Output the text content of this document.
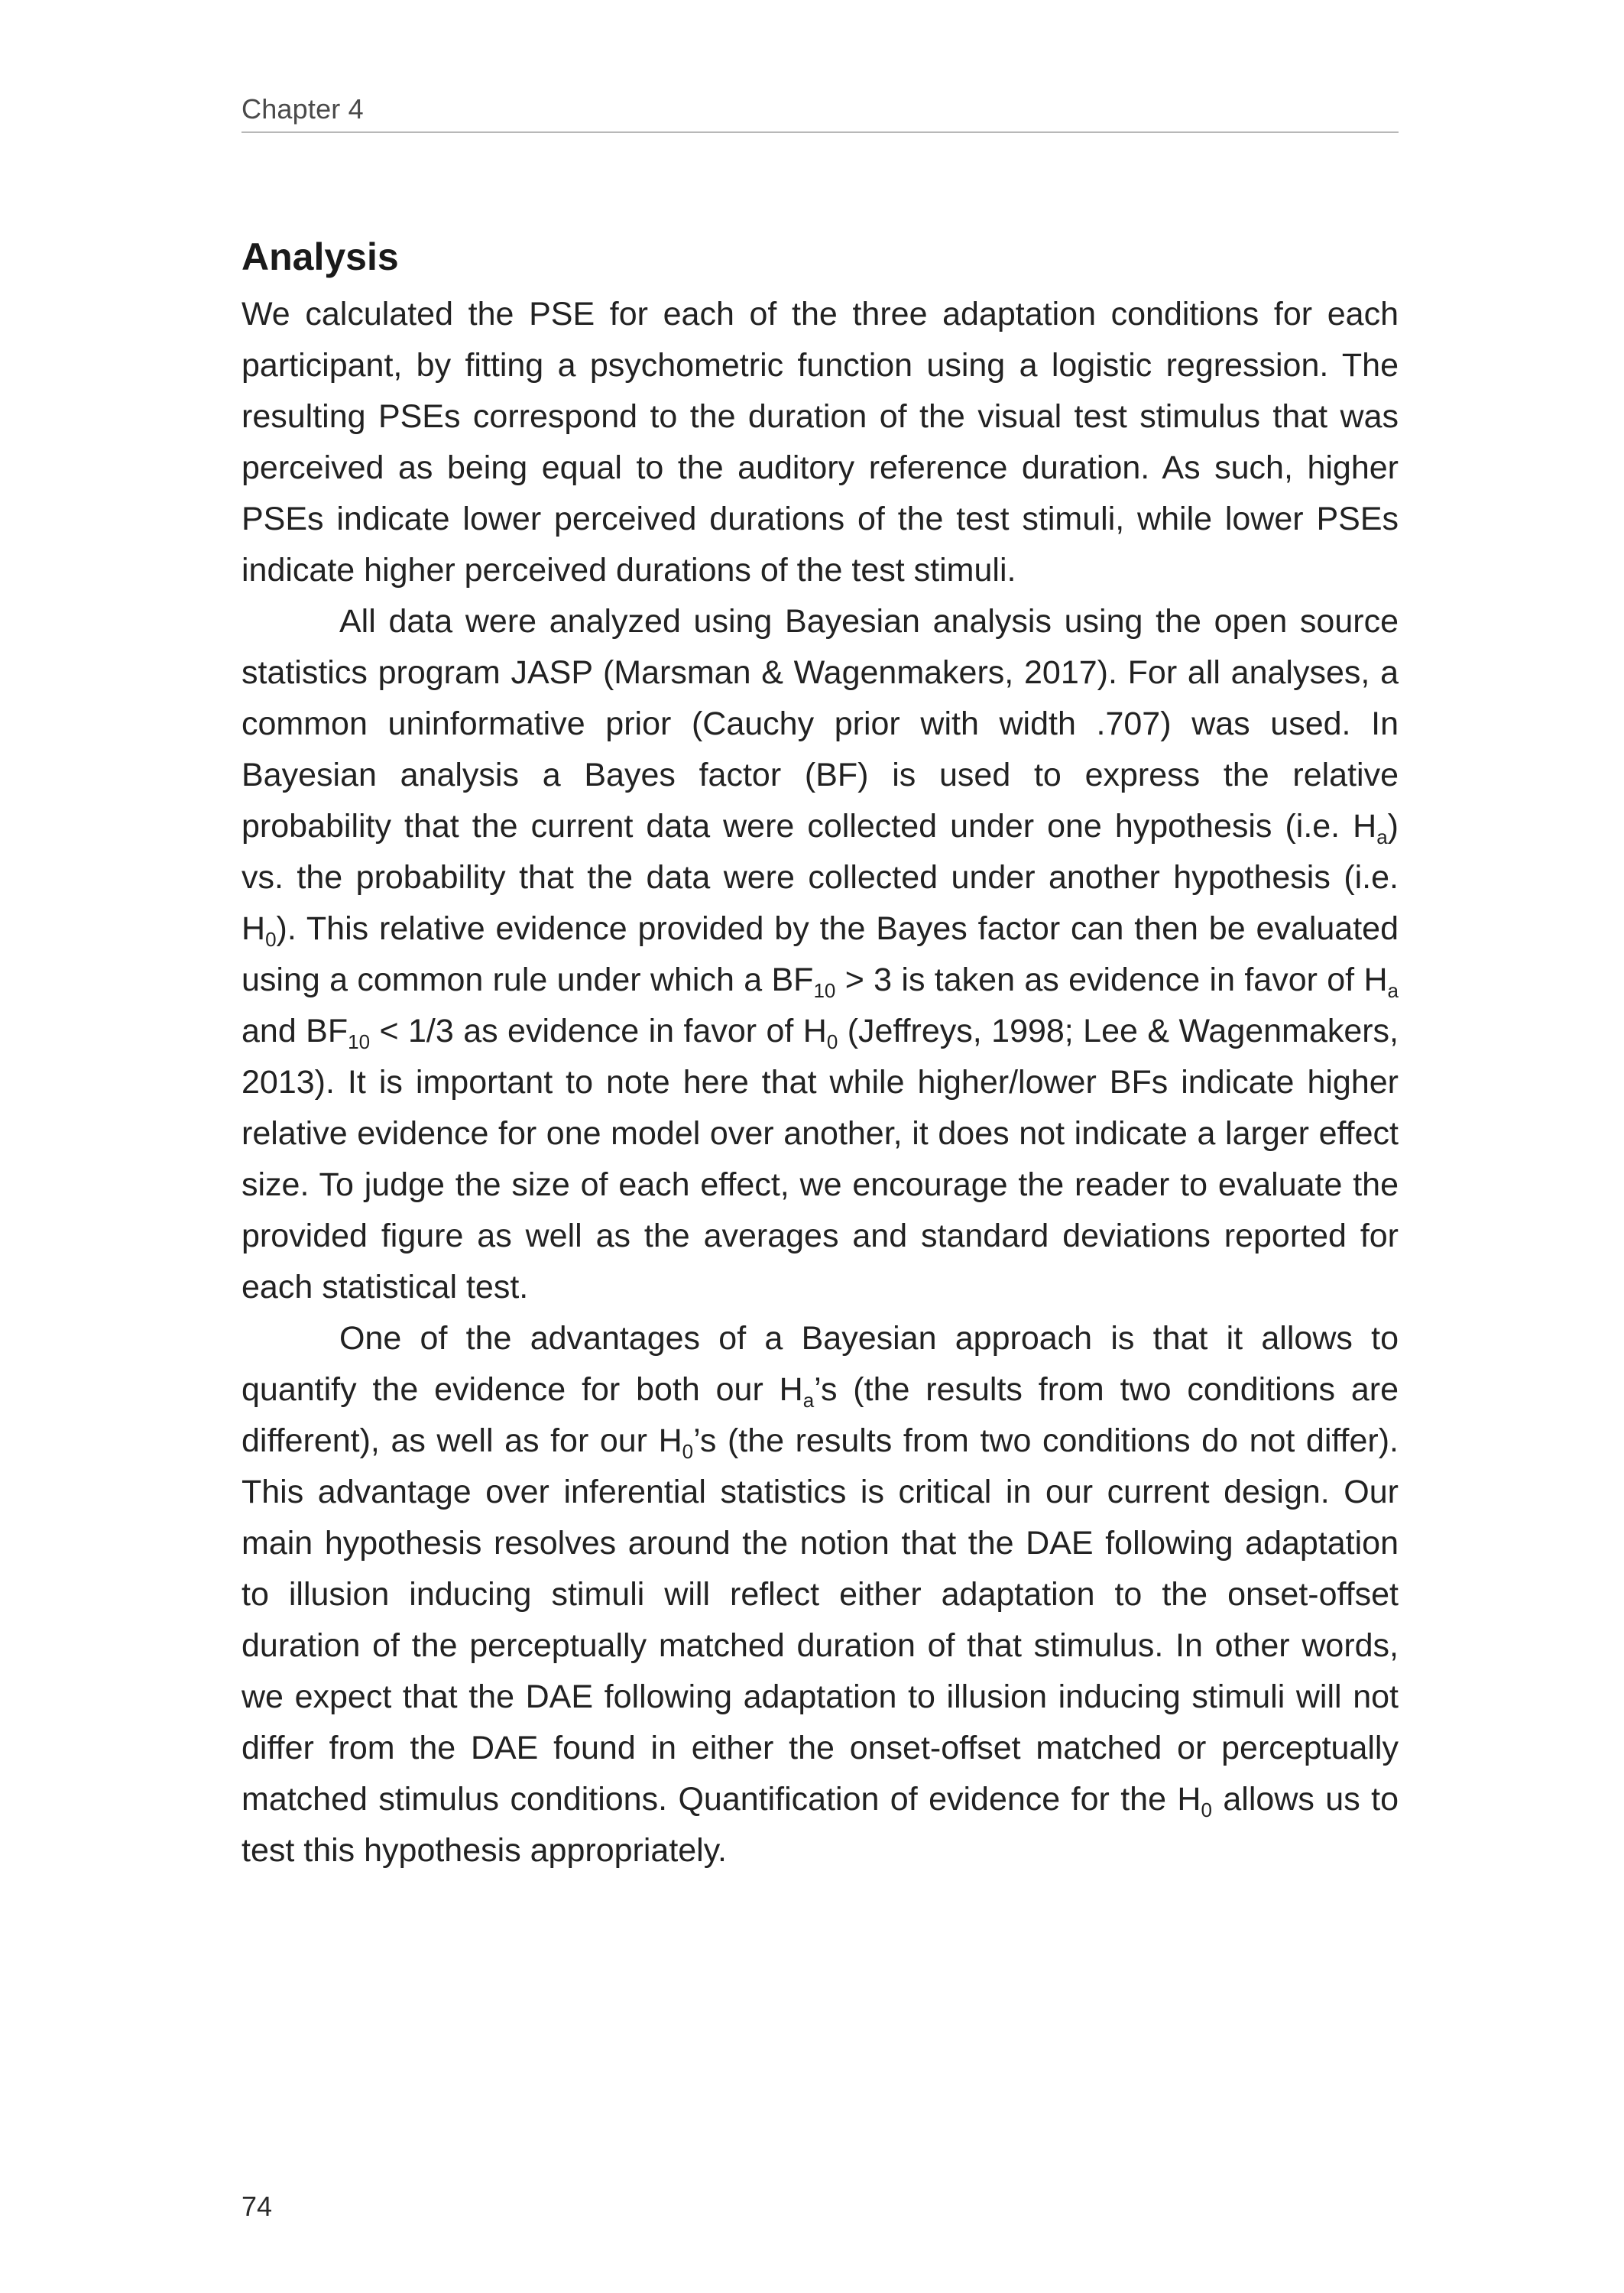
Chapter 4
Analysis

We calculated the PSE for each of the three adaptation conditions for each participant, by fitting a psychometric function using a logistic regression. The resulting PSEs correspond to the duration of the visual test stimulus that was perceived as being equal to the auditory reference duration. As such, higher PSEs indicate lower perceived durations of the test stimuli, while lower PSEs indicate higher perceived durations of the test stimuli.

All data were analyzed using Bayesian analysis using the open source statistics program JASP (Marsman & Wagenmakers, 2017). For all analyses, a common uninformative prior (Cauchy prior with width .707) was used. In Bayesian analysis a Bayes factor (BF) is used to express the relative probability that the current data were collected under one hypothesis (i.e. $H_a$) vs. the probability that the data were collected under another hypothesis (i.e. $H_0$). This relative evidence provided by the Bayes factor can then be evaluated using a common rule under which a $BF_{10} > 3$ is taken as evidence in favor of $H_a$ and $BF_{10} < 1/3$ as evidence in favor of $H_0$ (Jeffreys, 1998; Lee & Wagenmakers, 2013). It is important to note here that while higher/lower BFs indicate higher relative evidence for one model over another, it does not indicate a larger effect size. To judge the size of each effect, we encourage the reader to evaluate the provided figure as well as the averages and standard deviations reported for each statistical test.

One of the advantages of a Bayesian approach is that it allows to quantify the evidence for both our $H_a’s$ (the results from two conditions are different), as well as for our $H_0’s$ (the results from two conditions do not differ). This advantage over inferential statistics is critical in our current design. Our main hypothesis resolves around the notion that the DAE following adaptation to illusion inducing stimuli will reflect either adaptation to the onset-offset duration of the perceptually matched duration of that stimulus. In other words, we expect that the DAE following adaptation to illusion inducing stimuli will not differ from the DAE found in either the onset-offset matched or perceptually matched stimulus conditions. Quantification of evidence for the $H_0$ allows us to test this hypothesis appropriately.

74
